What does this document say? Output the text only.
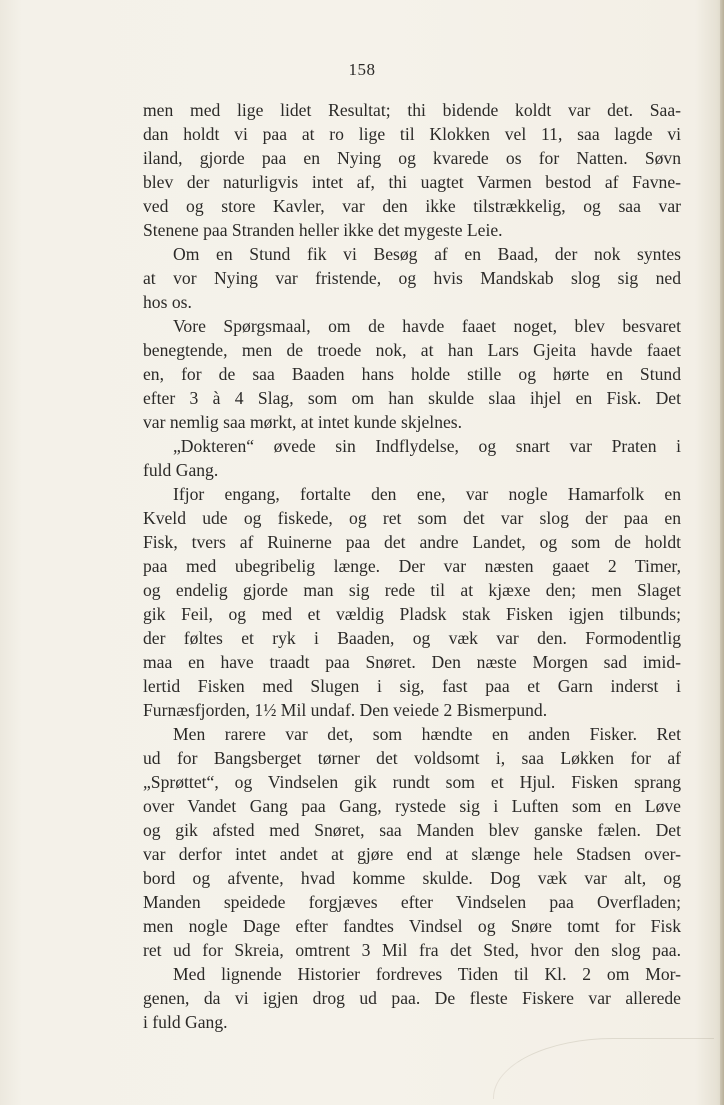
158
men med lige lidet Resultat; thi bidende koldt var det. Saa-
dan holdt vi paa at ro lige til Klokken vel 11, saa lagde vi
iland, gjorde paa en Nying og kvarede os for Natten. Søvn
blev der naturligvis intet af, thi uagtet Varmen bestod af Favne-
ved og store Kavler, var den ikke tilstrækkelig, og saa var
Stenene paa Stranden heller ikke det mygeste Leie.
Om en Stund fik vi Besøg af en Baad, der nok syntes
at vor Nying var fristende, og hvis Mandskab slog sig ned
hos os.
Vore Spørgsmaal, om de havde faaet noget, blev besvaret
benegtende, men de troede nok, at han Lars Gjeita havde faaet
en, for de saa Baaden hans holde stille og hørte en Stund
efter 3 à 4 Slag, som om han skulde slaa ihjel en Fisk. Det
var nemlig saa mørkt, at intet kunde skjelnes.
„Dokteren“ øvede sin Indflydelse, og snart var Praten i
fuld Gang.
Ifjor engang, fortalte den ene, var nogle Hamarfolk en
Kveld ude og fiskede, og ret som det var slog der paa en
Fisk, tvers af Ruinerne paa det andre Landet, og som de holdt
paa med ubegribelig længe. Der var næsten gaaet 2 Timer,
og endelig gjorde man sig rede til at kjæxe den; men Slaget
gik Feil, og med et vældig Pladsk stak Fisken igjen tilbunds;
der føltes et ryk i Baaden, og væk var den. Formodentlig
maa en have traadt paa Snøret. Den næste Morgen sad imid-
lertid Fisken med Slugen i sig, fast paa et Garn inderst i
Furnæsfjorden, 1½ Mil undaf. Den veiede 2 Bismerpund.
Men rarere var det, som hændte en anden Fisker. Ret
ud for Bangsberget tørner det voldsomt i, saa Løkken for af
„Sprøttet“, og Vindselen gik rundt som et Hjul. Fisken sprang
over Vandet Gang paa Gang, rystede sig i Luften som en Løve
og gik afsted med Snøret, saa Manden blev ganske fælen. Det
var derfor intet andet at gjøre end at slænge hele Stadsen over-
bord og afvente, hvad komme skulde. Dog væk var alt, og
Manden speidede forgjæves efter Vindselen paa Overfladen;
men nogle Dage efter fandtes Vindsel og Snøre tomt for Fisk
ret ud for Skreia, omtrent 3 Mil fra det Sted, hvor den slog paa.
Med lignende Historier fordreves Tiden til Kl. 2 om Mor-
genen, da vi igjen drog ud paa. De fleste Fiskere var allerede
i fuld Gang.
